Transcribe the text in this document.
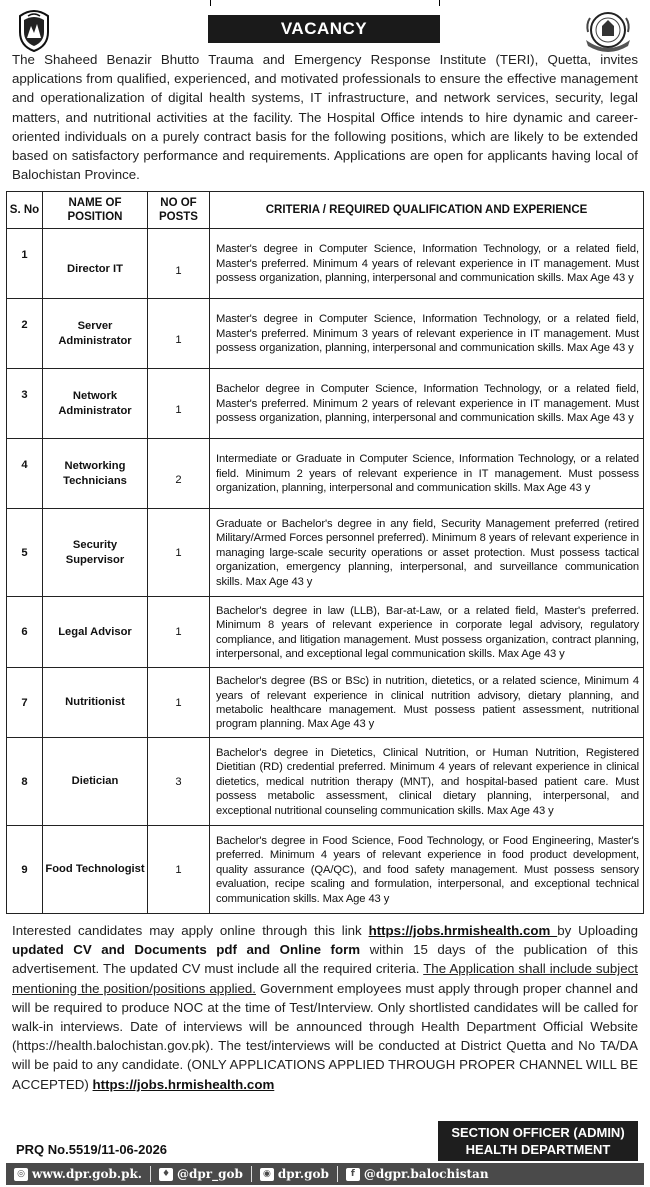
VACANCY

The Shaheed Benazir Bhutto Trauma and Emergency Response Institute (TERI), Quetta, invites applications from qualified, experienced, and motivated professionals to ensure the effective management and operationalization of digital health systems, IT infrastructure, and network services, security, legal matters, and nutritional activities at the facility. The Hospital Office intends to hire dynamic and career-oriented individuals on a purely contract basis for the following positions, which are likely to be extended based on satisfactory performance and requirements. Applications are open for applicants having local of Balochistan Province.

S. No	NAME OF POSITION	NO OF POSTS	CRITERIA / REQUIRED QUALIFICATION AND EXPERIENCE
1	Director IT	1	Master's degree in Computer Science, Information Technology, or a related field, Master's preferred. Minimum 4 years of relevant experience in IT management. Must possess organization, planning, interpersonal and communication skills. Max Age 43 y
2	Server Administrator	1	Master's degree in Computer Science, Information Technology, or a related field, Master's preferred. Minimum 3 years of relevant experience in IT management. Must possess organization, planning, interpersonal and communication skills. Max Age 43 y
3	Network Administrator	1	Bachelor degree in Computer Science, Information Technology, or a related field, Master's preferred. Minimum 2 years of relevant experience in IT management. Must possess organization, planning, interpersonal and communication skills. Max Age 43 y
4	Networking Technicians	2	Intermediate or Graduate in Computer Science, Information Technology, or a related field. Minimum 2 years of relevant experience in IT management. Must possess organization, planning, interpersonal and communication skills. Max Age 43 y
5	Security Supervisor	1	Graduate or Bachelor's degree in any field, Security Management preferred (retired Military/Armed Forces personnel preferred). Minimum 8 years of relevant experience in managing large-scale security operations or asset protection. Must possess tactical organization, emergency planning, interpersonal, and surveillance communication skills. Max Age 43 y
6	Legal Advisor	1	Bachelor's degree in law (LLB), Bar-at-Law, or a related field, Master's preferred. Minimum 8 years of relevant experience in corporate legal advisory, regulatory compliance, and litigation management. Must possess organization, contract planning, interpersonal, and exceptional legal communication skills. Max Age 43 y
7	Nutritionist	1	Bachelor's degree (BS or BSc) in nutrition, dietetics, or a related science, Minimum 4 years of relevant experience in clinical nutrition advisory, dietary planning, and metabolic healthcare management. Must possess patient assessment, nutritional program planning. Max Age 43 y
8	Dietician	3	Bachelor's degree in Dietetics, Clinical Nutrition, or Human Nutrition, Registered Dietitian (RD) credential preferred. Minimum 4 years of relevant experience in clinical dietetics, medical nutrition therapy (MNT), and hospital-based patient care. Must possess metabolic assessment, clinical dietary planning, interpersonal, and exceptional nutritional counseling communication skills. Max Age 43 y
9	Food Technologist	1	Bachelor's degree in Food Science, Food Technology, or Food Engineering, Master's preferred. Minimum 4 years of relevant experience in food product development, quality assurance (QA/QC), and food safety management. Must possess sensory evaluation, recipe scaling and formulation, interpersonal, and exceptional technical communication skills. Max Age 43 y

Interested candidates may apply online through this link https://jobs.hrmishealth.com by Uploading updated CV and Documents pdf and Online form within 15 days of the publication of this advertisement. The updated CV must include all the required criteria. The Application shall include subject mentioning the position/positions applied. Government employees must apply through proper channel and will be required to produce NOC at the time of Test/Interview. Only shortlisted candidates will be called for walk-in interviews. Date of interviews will be announced through Health Department Official Website (https://health.balochistan.gov.pk). The test/interviews will be conducted at District Quetta and No TA/DA will be paid to any candidate. (ONLY APPLICATIONS APPLIED THROUGH PROPER CHANNEL WILL BE ACCEPTED) https://jobs.hrmishealth.com

PRQ No.5519/11-06-2026
SECTION OFFICER (ADMIN)
HEALTH DEPARTMENT
◎ www.dpr.gob.pk.	♦ @dpr_gob	◉ dpr.gob	f @dgpr.balochistan
